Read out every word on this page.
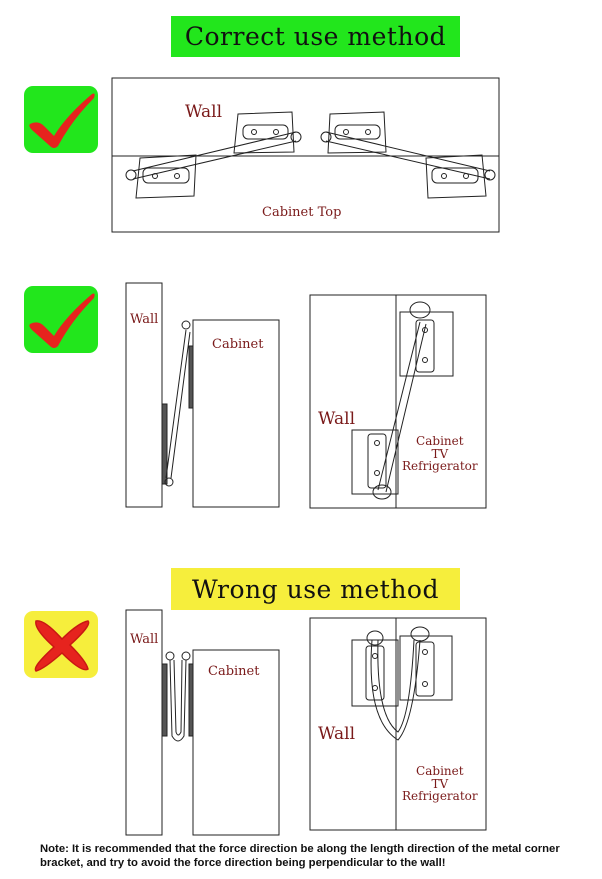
Correct use method
Wrong use method
Wall
Cabinet Top
Wall
Cabinet
Wall
Cabinet
TV
Refrigerator
Wall
Cabinet
Wall
Cabinet
TV
Refrigerator
Note: It is recommended that the force direction be along the length direction of the metal corner bracket, and try to avoid the force direction being perpendicular to the wall!
